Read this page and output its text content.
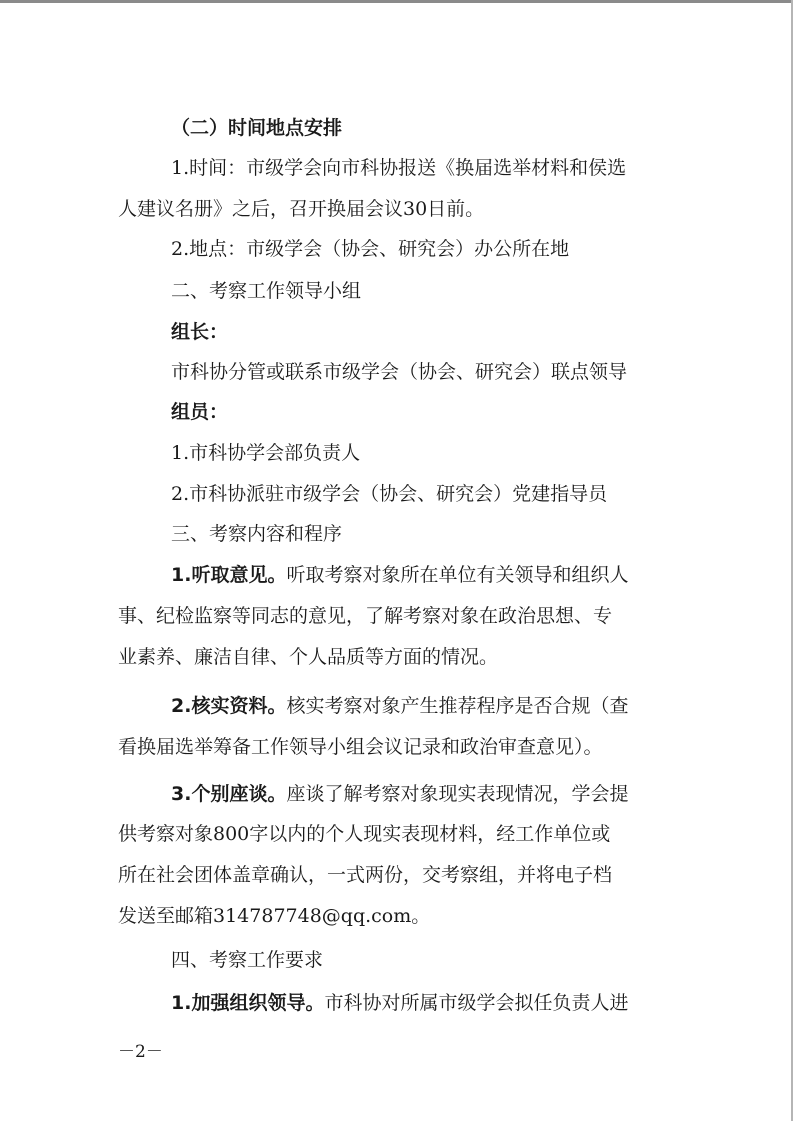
（二）时间地点安排
1.时间：市级学会向市科协报送《换届选举材料和侯选
人建议名册》之后，召开换届会议30日前。
2.地点：市级学会（协会、研究会）办公所在地
二、考察工作领导小组
组长：
市科协分管或联系市级学会（协会、研究会）联点领导
组员：
1.市科协学会部负责人
2.市科协派驻市级学会（协会、研究会）党建指导员
三、考察内容和程序
1.听取意见。听取考察对象所在单位有关领导和组织人
事、纪检监察等同志的意见，了解考察对象在政治思想、专
业素养、廉洁自律、个人品质等方面的情况。
2.核实资料。核实考察对象产生推荐程序是否合规（查
看换届选举筹备工作领导小组会议记录和政治审查意见）。
3.个别座谈。座谈了解考察对象现实表现情况，学会提
供考察对象800字以内的个人现实表现材料，经工作单位或
所在社会团体盖章确认，一式两份，交考察组，并将电子档
发送至邮箱314787748@qq.com。
四、考察工作要求
1.加强组织领导。市科协对所属市级学会拟任负责人进
－2－
